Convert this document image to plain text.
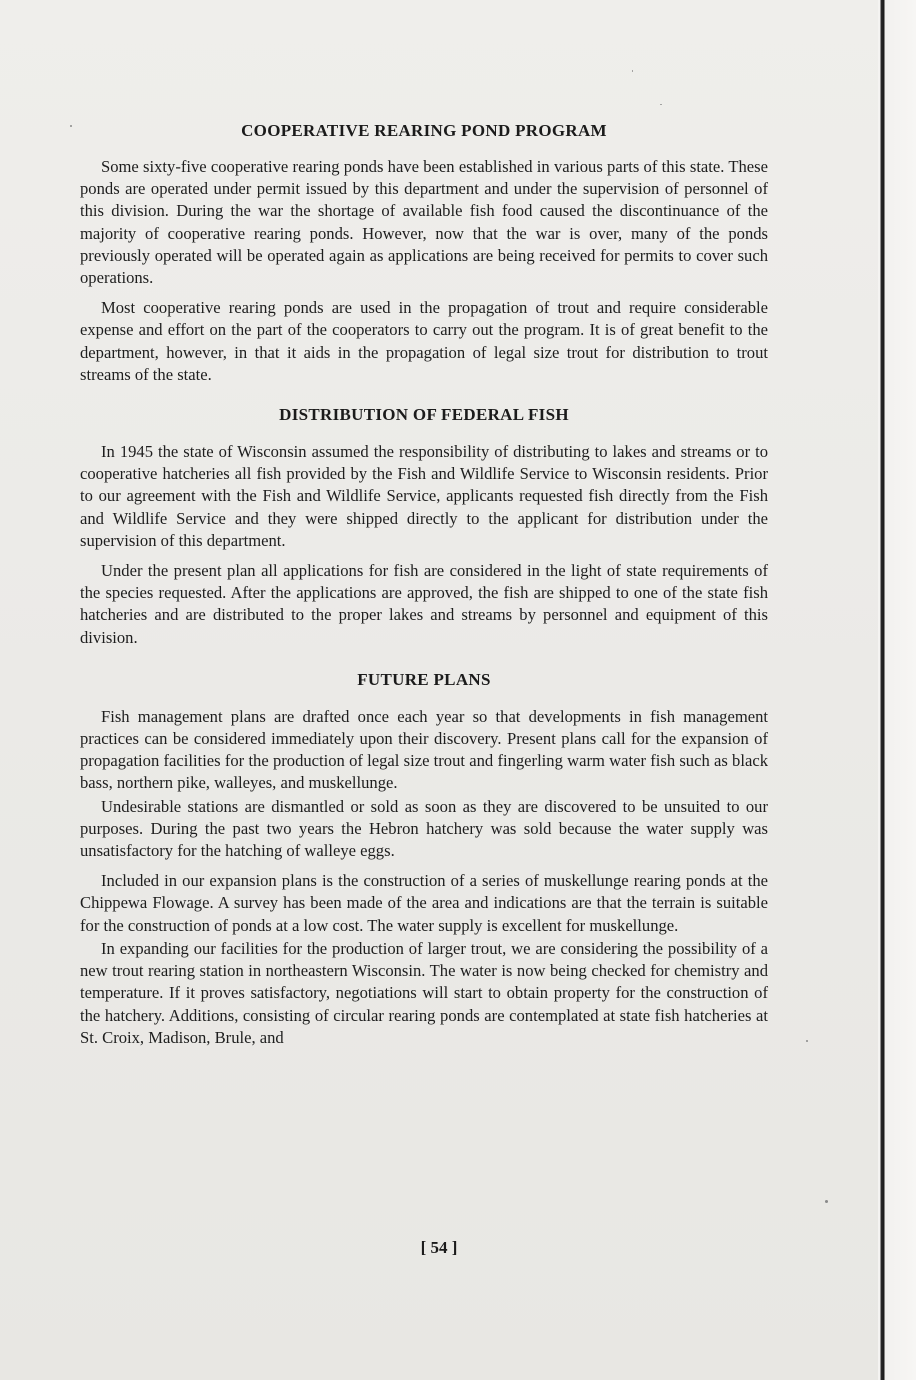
COOPERATIVE REARING POND PROGRAM

Some sixty-five cooperative rearing ponds have been established in various parts of this state. These ponds are operated under permit issued by this department and under the supervision of personnel of this division. During the war the shortage of available fish food caused the discontinuance of the majority of cooperative rearing ponds. However, now that the war is over, many of the ponds previously operated will be operated again as applications are being received for permits to cover such operations.

Most cooperative rearing ponds are used in the propagation of trout and require considerable expense and effort on the part of the cooperators to carry out the program. It is of great benefit to the department, however, in that it aids in the propagation of legal size trout for distribution to trout streams of the state.

DISTRIBUTION OF FEDERAL FISH

In 1945 the state of Wisconsin assumed the responsibility of distributing to lakes and streams or to cooperative hatcheries all fish provided by the Fish and Wildlife Service to Wisconsin residents. Prior to our agreement with the Fish and Wildlife Service, applicants requested fish directly from the Fish and Wildlife Service and they were shipped directly to the applicant for distribution under the supervision of this department.

Under the present plan all applications for fish are considered in the light of state requirements of the species requested. After the applications are approved, the fish are shipped to one of the state fish hatcheries and are distributed to the proper lakes and streams by personnel and equipment of this division.

FUTURE PLANS

Fish management plans are drafted once each year so that developments in fish management practices can be considered immediately upon their discovery. Present plans call for the expansion of propagation facilities for the production of legal size trout and fingerling warm water fish such as black bass, northern pike, walleyes, and muskellunge.

Undesirable stations are dismantled or sold as soon as they are discovered to be unsuited to our purposes. During the past two years the Hebron hatchery was sold because the water supply was unsatisfactory for the hatching of walleye eggs.

Included in our expansion plans is the construction of a series of muskellunge rearing ponds at the Chippewa Flowage. A survey has been made of the area and indications are that the terrain is suitable for the construction of ponds at a low cost. The water supply is excellent for muskellunge.

In expanding our facilities for the production of larger trout, we are considering the possibility of a new trout rearing station in northeastern Wisconsin. The water is now being checked for chemistry and temperature. If it proves satisfactory, negotiations will start to obtain property for the construction of the hatchery. Additions, consisting of circular rearing ponds are contemplated at state fish hatcheries at St. Croix, Madison, Brule, and

[ 54 ]
